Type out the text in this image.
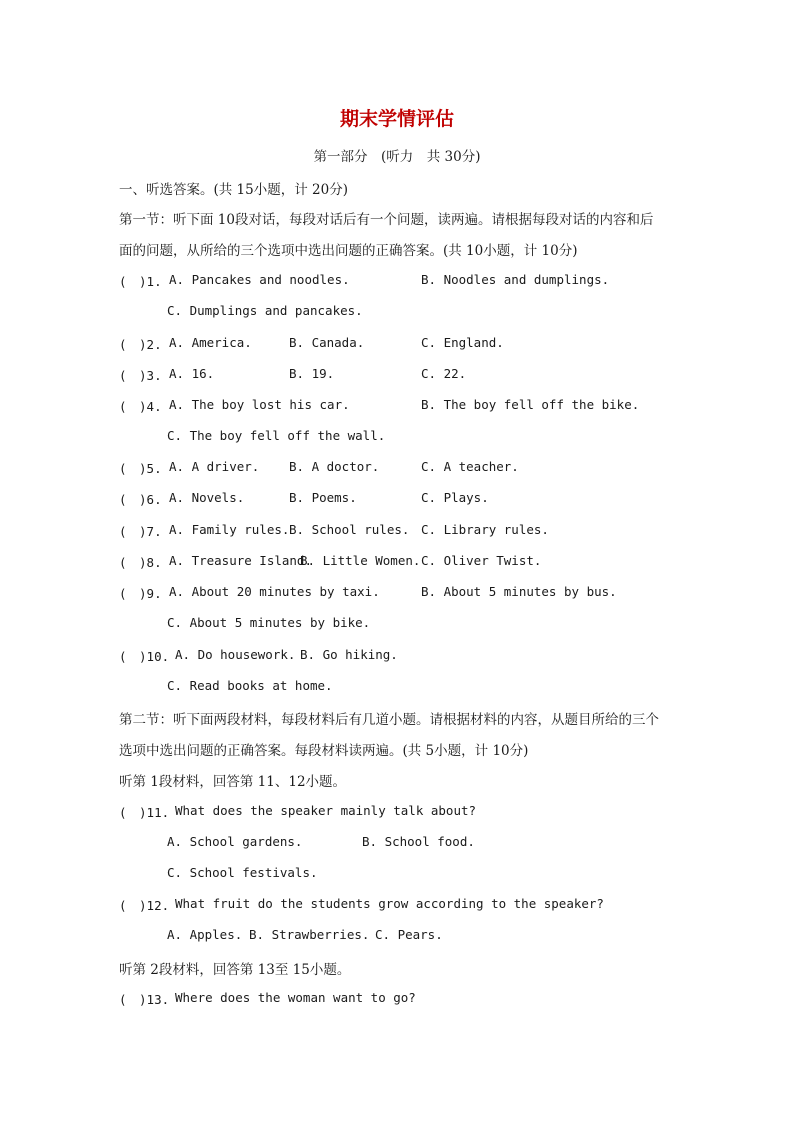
期末学情评估
第一部分　(听力　共 30分)
一、听选答案。(共 15小题，计 20分)
第一节：听下面 10段对话，每段对话后有一个问题，读两遍。请根据每段对话的内容和后
面的问题，从所给的三个选项中选出问题的正确答案。(共 10小题，计 10分)
(　)1. A. Pancakes and noodles.	B. Noodles and dumplings.
C. Dumplings and pancakes.
(　)2. A. America.	B. Canada.	C. England.
(　)3. A. 16.	B. 19.	C. 22.
(　)4. A. The boy lost his car.	B. The boy fell off the bike.
C. The boy fell off the wall.
(　)5. A. A driver. B. A doctor.	C. A teacher.
(　)6. A. Novels.	B. Poems.	C. Plays.
(　)7. A. Family rules. B. School rules. C. Library rules.
(　)8. A. Treasure Island.
B. Little Women. C. Oliver Twist.
(　)9. A. About 20 minutes by taxi.	B. About 5 minutes by bus.
C. About 5 minutes by bike.
(　)10. A. Do housework. B. Go hiking.
C. Read books at home.
第二节：听下面两段材料，每段材料后有几道小题。请根据材料的内容，从题目所给的三个
选项中选出问题的正确答案。每段材料读两遍。(共 5小题，计 10分)
听第 1段材料，回答第 11、12小题。
(　)11. What does the speaker mainly talk about?
A. School gardens.	B. School food.
C. School festivals.
(　)12. What fruit do the students grow according to the speaker?
A. Apples. B. Strawberries. C. Pears.
听第 2段材料，回答第 13至 15小题。
(　)13. Where does the woman want to go?
